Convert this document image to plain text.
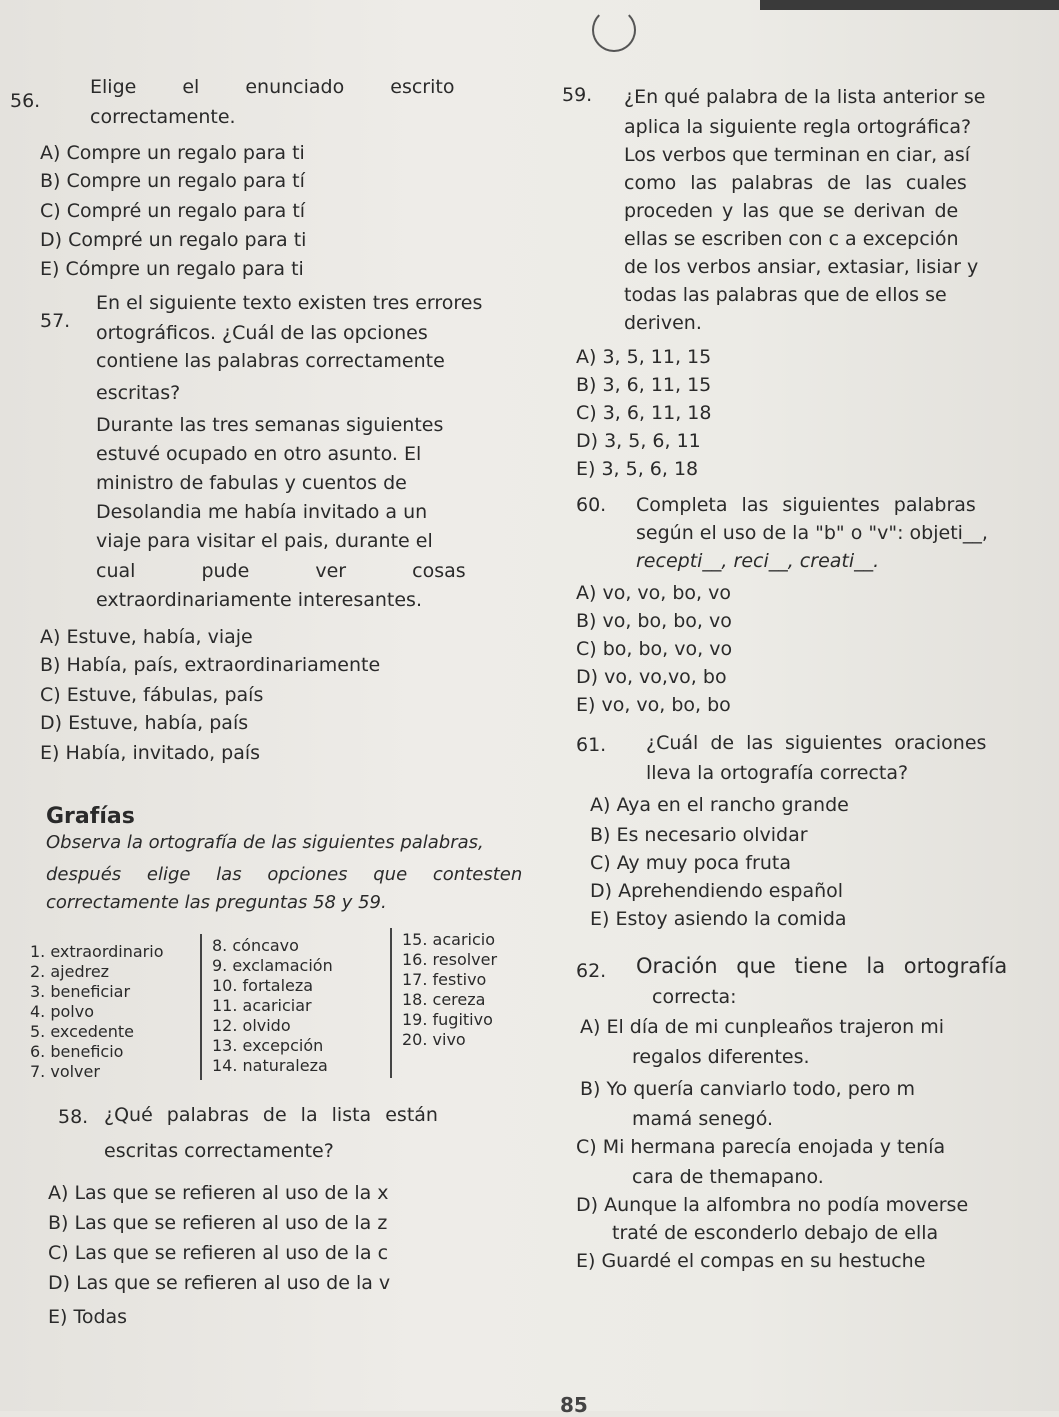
56.
Elige el enunciado escrito
correctamente.
A) Compre un regalo para ti
B) Compre un regalo para tí
C) Compré un regalo para tí
D) Compré un regalo para ti
E) Cómpre un regalo para ti
57.
En el siguiente texto existen tres errores
ortográficos. ¿Cuál de las opciones
contiene las palabras correctamente
escritas?
Durante las tres semanas siguientes
estuvé ocupado en otro asunto. El
ministro de fabulas y cuentos de
Desolandia me había invitado a un
viaje para visitar el pais, durante el
cual pude ver cosas
extraordinariamente interesantes.
A) Estuve, había, viaje
B) Había, país, extraordinariamente
C) Estuve, fábulas, país
D) Estuve, había, país
E) Había, invitado, país
Grafías
Observa la ortografía de las siguientes palabras,
después elige las opciones que contesten
correctamente las preguntas 58 y 59.
1. extraordinario
2. ajedrez
3. beneficiar
4. polvo
5. excedente
6. beneficio
7. volver
8. cóncavo
9. exclamación
10. fortaleza
11. acariciar
12. olvido
13. excepción
14. naturaleza
15. acaricio
16. resolver
17. festivo
18. cereza
19. fugitivo
20. vivo
58. ¿Qué palabras de la lista están
escritas correctamente?
A) Las que se refieren al uso de la x
B) Las que se refieren al uso de la z
C) Las que se refieren al uso de la c
D) Las que se refieren al uso de la v
E) Todas
59. ¿En qué palabra de la lista anterior se
aplica la siguiente regla ortográfica?
Los verbos que terminan en ciar, así
como las palabras de las cuales
proceden y las que se derivan de
ellas se escriben con c a excepción
de los verbos ansiar, extasiar, lisiar y
todas las palabras que de ellos se
deriven.
A) 3, 5, 11, 15
B) 3, 6, 11, 15
C) 3, 6, 11, 18
D) 3, 5, 6, 11
E) 3, 5, 6, 18
60. Completa las siguientes palabras
según el uso de la "b" o "v": objeti__,
recepti__, reci__, creati__.
A) vo, vo, bo, vo
B) vo, bo, bo, vo
C) bo, bo, vo, vo
D) vo, vo,vo, bo
E) vo, vo, bo, bo
61. ¿Cuál de las siguientes oraciones
lleva la ortografía correcta?
A) Aya en el rancho grande
B) Es necesario olvidar
C) Ay muy poca fruta
D) Aprehendiendo español
E) Estoy asiendo la comida
62. Oración que tiene la ortografía
correcta:
A) El día de mi cunpleaños trajeron mi
regalos diferentes.
B) Yo quería canviarlo todo, pero m
mamá senegó.
C) Mi hermana parecía enojada y tenía
cara de themapano.
D) Aunque la alfombra no podía moverse
traté de esconderlo debajo de ella
E) Guardé el compas en su hestuche
85
